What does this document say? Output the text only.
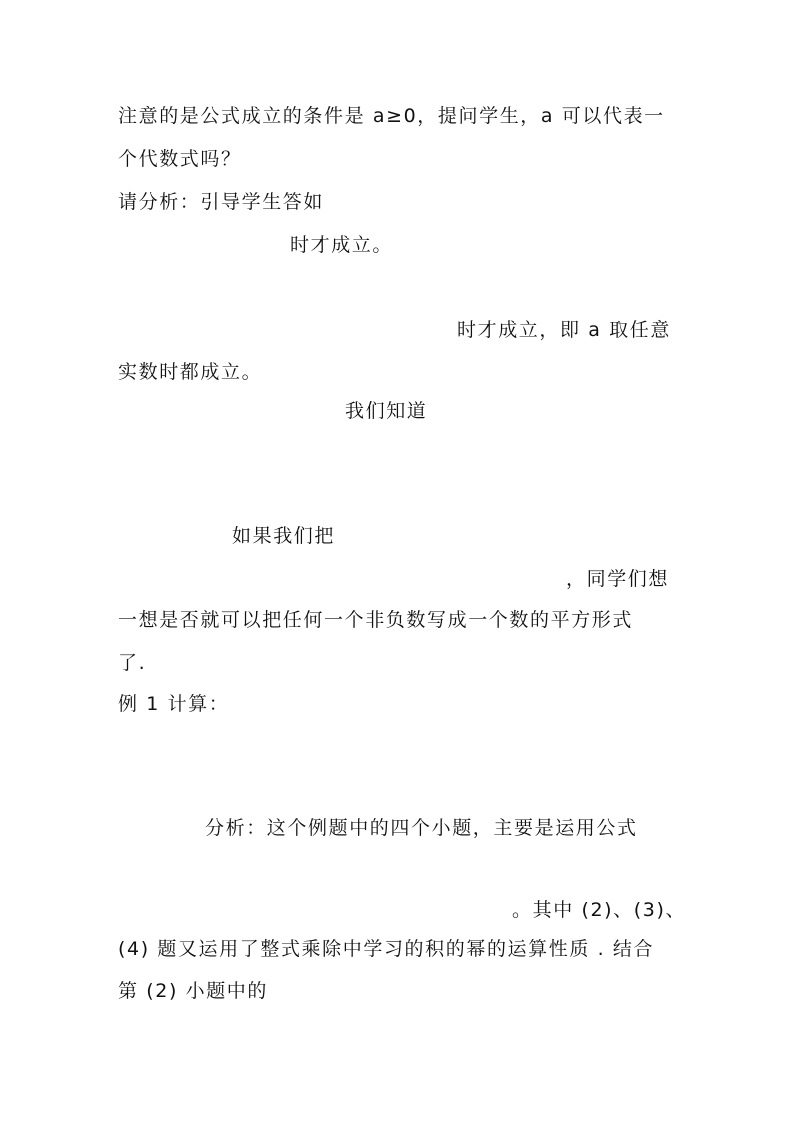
注意的是公式成立的条件是 a≥0，提问学生，a 可以代表一
个代数式吗？
请分析：引导学生答如
时才成立。
时才成立，即 a 取任意
实数时都成立。
我们知道
如果我们把
，同学们想
一想是否就可以把任何一个非负数写成一个数的平方形式
了.
例 1 计算：
分析：这个例题中的四个小题，主要是运用公式
。其中 (2)、(3)、
(4) 题又运用了整式乘除中学习的积的幂的运算性质 . 结合
第 (2) 小题中的
